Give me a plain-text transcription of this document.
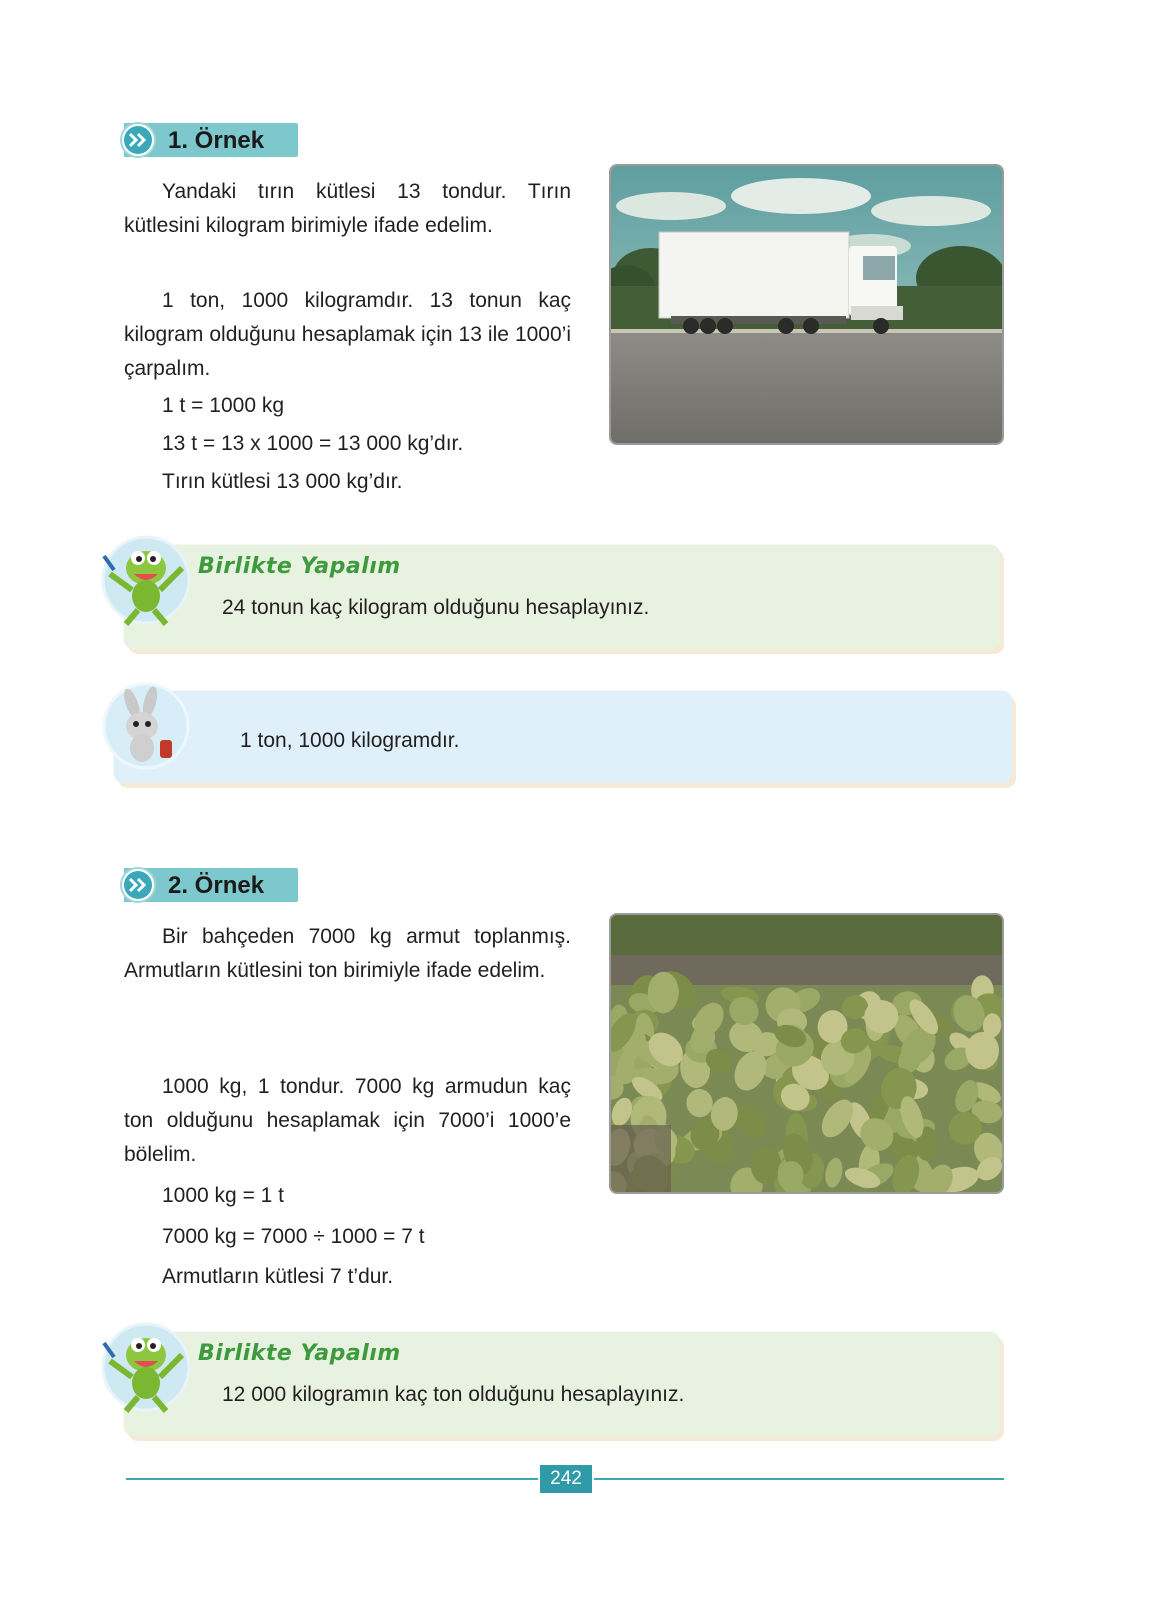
1. Örnek
Yandaki tırın kütlesi 13 tondur. Tırın kütlesini kilogram birimiyle ifade edelim.
1 ton, 1000 kilogramdır. 13 tonun kaç kilogram olduğunu hesaplamak için 13 ile 1000’i çarpalım.
1 t = 1000 kg
13 t = 13 x 1000 = 13 000 kg’dır.
Tırın kütlesi 13 000 kg’dır.
Birlikte Yapalım
24 tonun kaç kilogram olduğunu hesaplayınız.
1 ton, 1000 kilogramdır.
2. Örnek
Bir bahçeden 7000 kg armut toplanmış. Armutların kütlesini ton birimiyle ifade edelim.
1000 kg, 1 tondur. 7000 kg armudun kaç ton olduğunu hesaplamak için 7000’i 1000’e bölelim.
1000 kg = 1 t
7000 kg = 7000 ÷ 1000 = 7 t
Armutların kütlesi 7 t’dur.
Birlikte Yapalım
12 000 kilogramın kaç ton olduğunu hesaplayınız.
242
